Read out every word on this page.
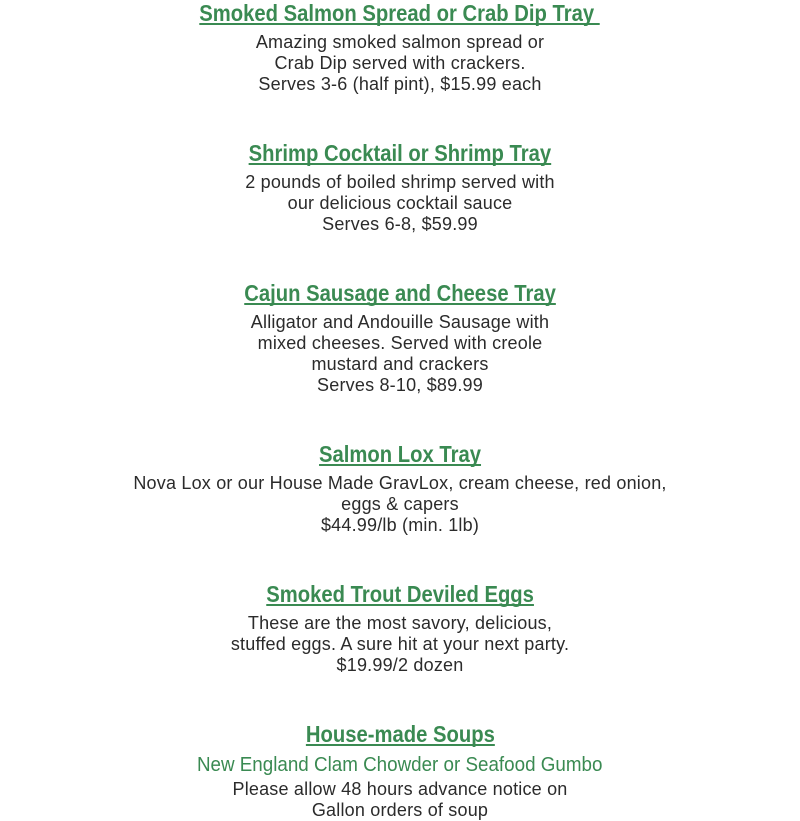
Smoked Salmon Spread or Crab Dip Tray

Amazing smoked salmon spread or

Crab Dip served with crackers.

Serves 3-6 (half pint), $15.99 each

Shrimp Cocktail or Shrimp Tray

2 pounds of boiled shrimp served with

our delicious cocktail sauce

Serves 6-8, $59.99

Cajun Sausage and Cheese Tray

Alligator and Andouille Sausage with

mixed cheeses. Served with creole

mustard and crackers

Serves 8-10, $89.99

Salmon Lox Tray

Nova Lox or our House Made GravLox, cream cheese, red onion,

eggs & capers

$44.99/lb (min. 1lb)

Smoked Trout Deviled Eggs

These are the most savory, delicious,

stuffed eggs. A sure hit at your next party.

$19.99/2 dozen

House-made Soups
New England Clam Chowder or Seafood Gumbo

Please allow 48 hours advance notice on

Gallon orders of soup
